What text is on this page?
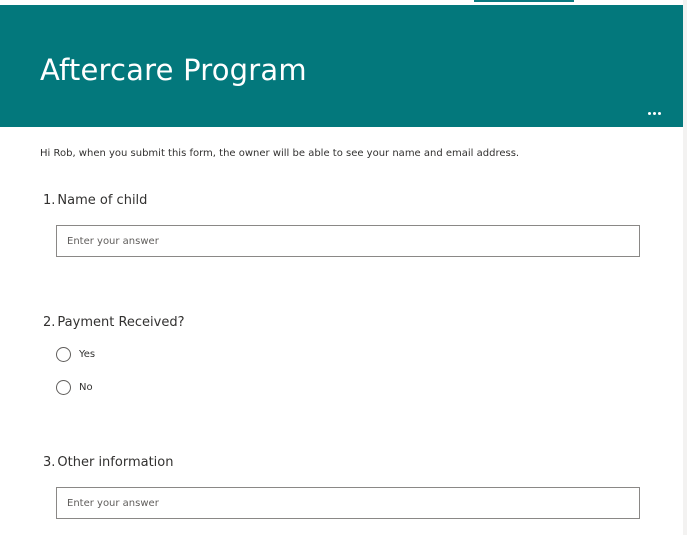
Aftercare Program
Hi Rob, when you submit this form, the owner will be able to see your name and email address.
1. Name of child
Enter your answer
2. Payment Received?
Yes
No
3. Other information
Enter your answer
